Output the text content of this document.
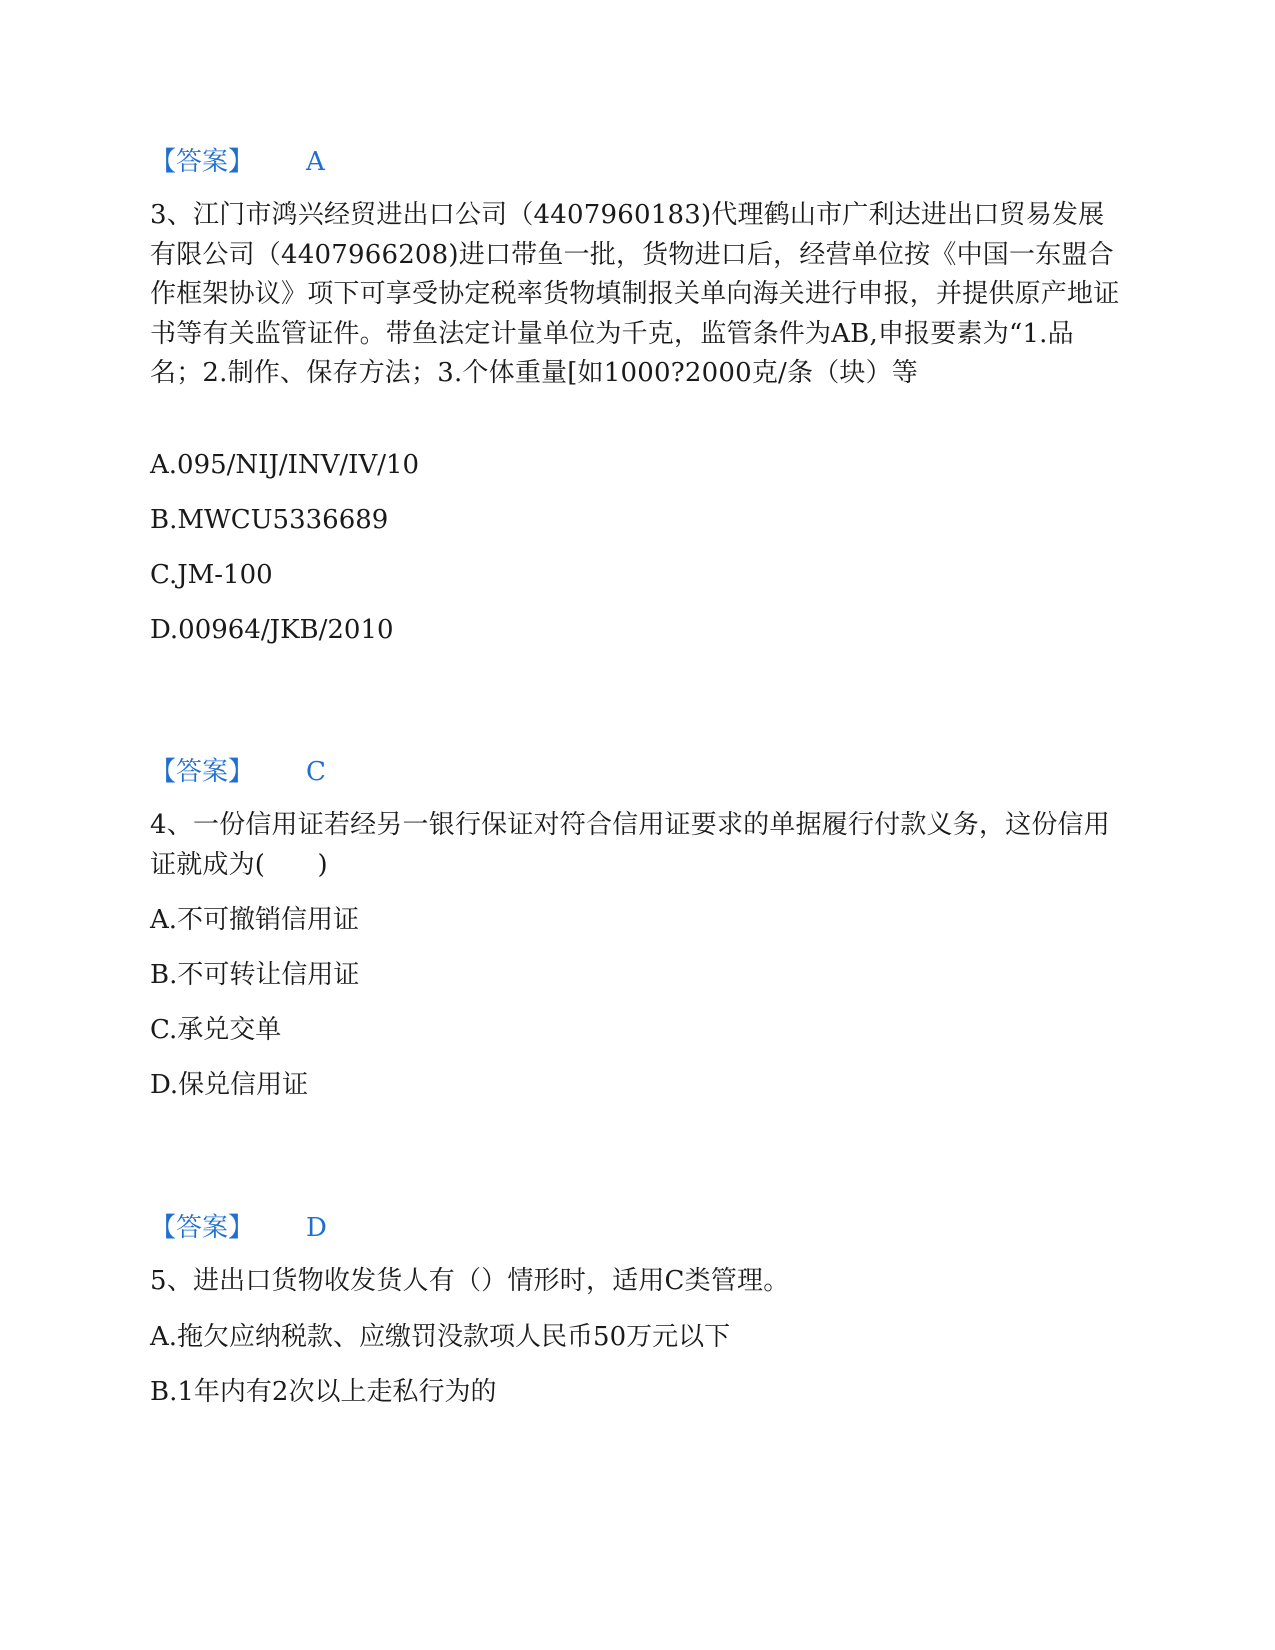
【答案】 A
3、江门市鸿兴经贸进出口公司（4407960183)代理鹤山市广利达进出口贸易发展有限公司（4407966208)进口带鱼一批，货物进口后，经营单位按《中国一东盟合作框架协议》项下可享受协定税率货物填制报关单向海关进行申报，并提供原产地证书等有关监管证件。带鱼法定计量单位为千克，监管条件为AB,申报要素为“1.品名；2.制作、保存方法；3.个体重量[如1000?2000克/条（块）等
A.095/NIJ/INV/IV/10
B.MWCU5336689
C.JM-100
D.00964/JKB/2010
【答案】 C
4、一份信用证若经另一银行保证对符合信用证要求的单据履行付款义务，这份信用证就成为(　　)
A.不可撤销信用证
B.不可转让信用证
C.承兑交单
D.保兑信用证
【答案】 D
5、进出口货物收发货人有（）情形时，适用C类管理。
A.拖欠应纳税款、应缴罚没款项人民币50万元以下
B.1年内有2次以上走私行为的
